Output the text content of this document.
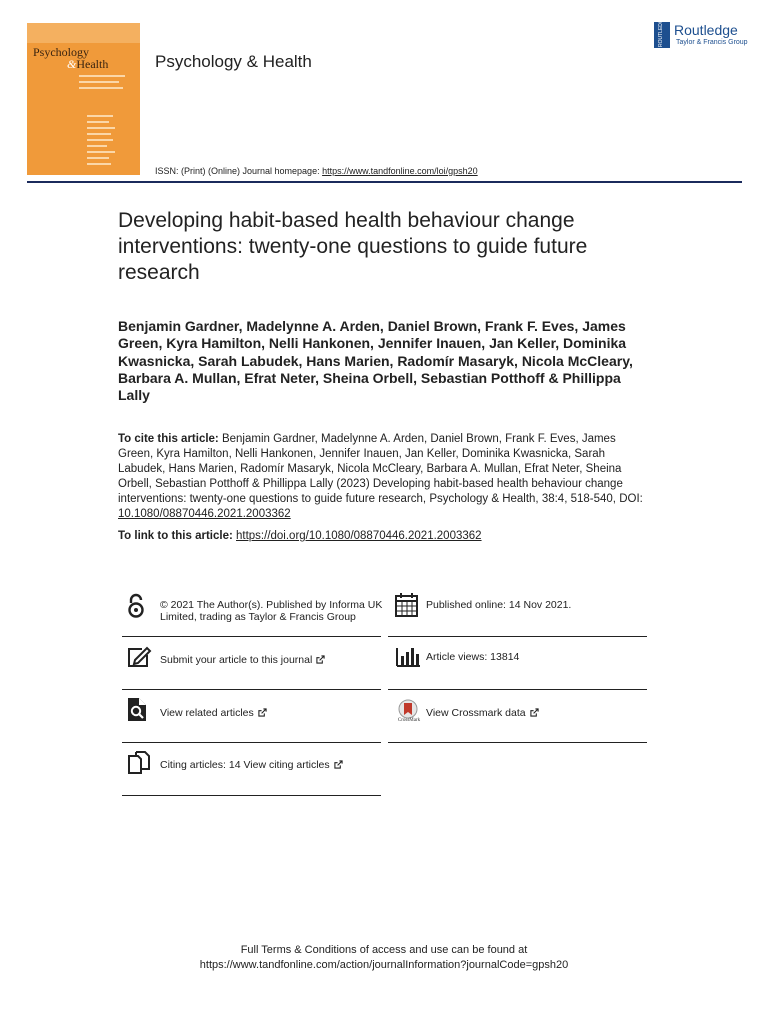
Psychology
&Health	Psychology & Health
ISSN: (Print) (Online) Journal homepage: https://www.tandfonline.com/loi/gpsh20
ROUTLEDGE Routledge
Taylor & Francis Group
Developing habit-based health behaviour change interventions: twenty-one questions to guide future research
Benjamin Gardner, Madelynne A. Arden, Daniel Brown, Frank F. Eves, James Green, Kyra Hamilton, Nelli Hankonen, Jennifer Inauen, Jan Keller, Dominika Kwasnicka, Sarah Labudek, Hans Marien, Radomír Masaryk, Nicola McCleary, Barbara A. Mullan, Efrat Neter, Sheina Orbell, Sebastian Potthoff & Phillippa Lally
To cite this article: Benjamin Gardner, Madelynne A. Arden, Daniel Brown, Frank F. Eves, James Green, Kyra Hamilton, Nelli Hankonen, Jennifer Inauen, Jan Keller, Dominika Kwasnicka, Sarah Labudek, Hans Marien, Radomír Masaryk, Nicola McCleary, Barbara A. Mullan, Efrat Neter, Sheina Orbell, Sebastian Potthoff & Phillippa Lally (2023) Developing habit-based health behaviour change interventions: twenty-one questions to guide future research, Psychology & Health, 38:4, 518-540, DOI: 10.1080/08870446.2021.2003362
To link to this article: https://doi.org/10.1080/08870446.2021.2003362
© 2021 The Author(s). Published by Informa UK Limited, trading as Taylor & Francis Group
Published online: 14 Nov 2021.
Submit your article to this journal	Article views: 13814
View related articles
CrossMark
View Crossmark data
Citing articles: 14 View citing articles
Full Terms & Conditions of access and use can be found at
https://www.tandfonline.com/action/journalInformation?journalCode=gpsh20
